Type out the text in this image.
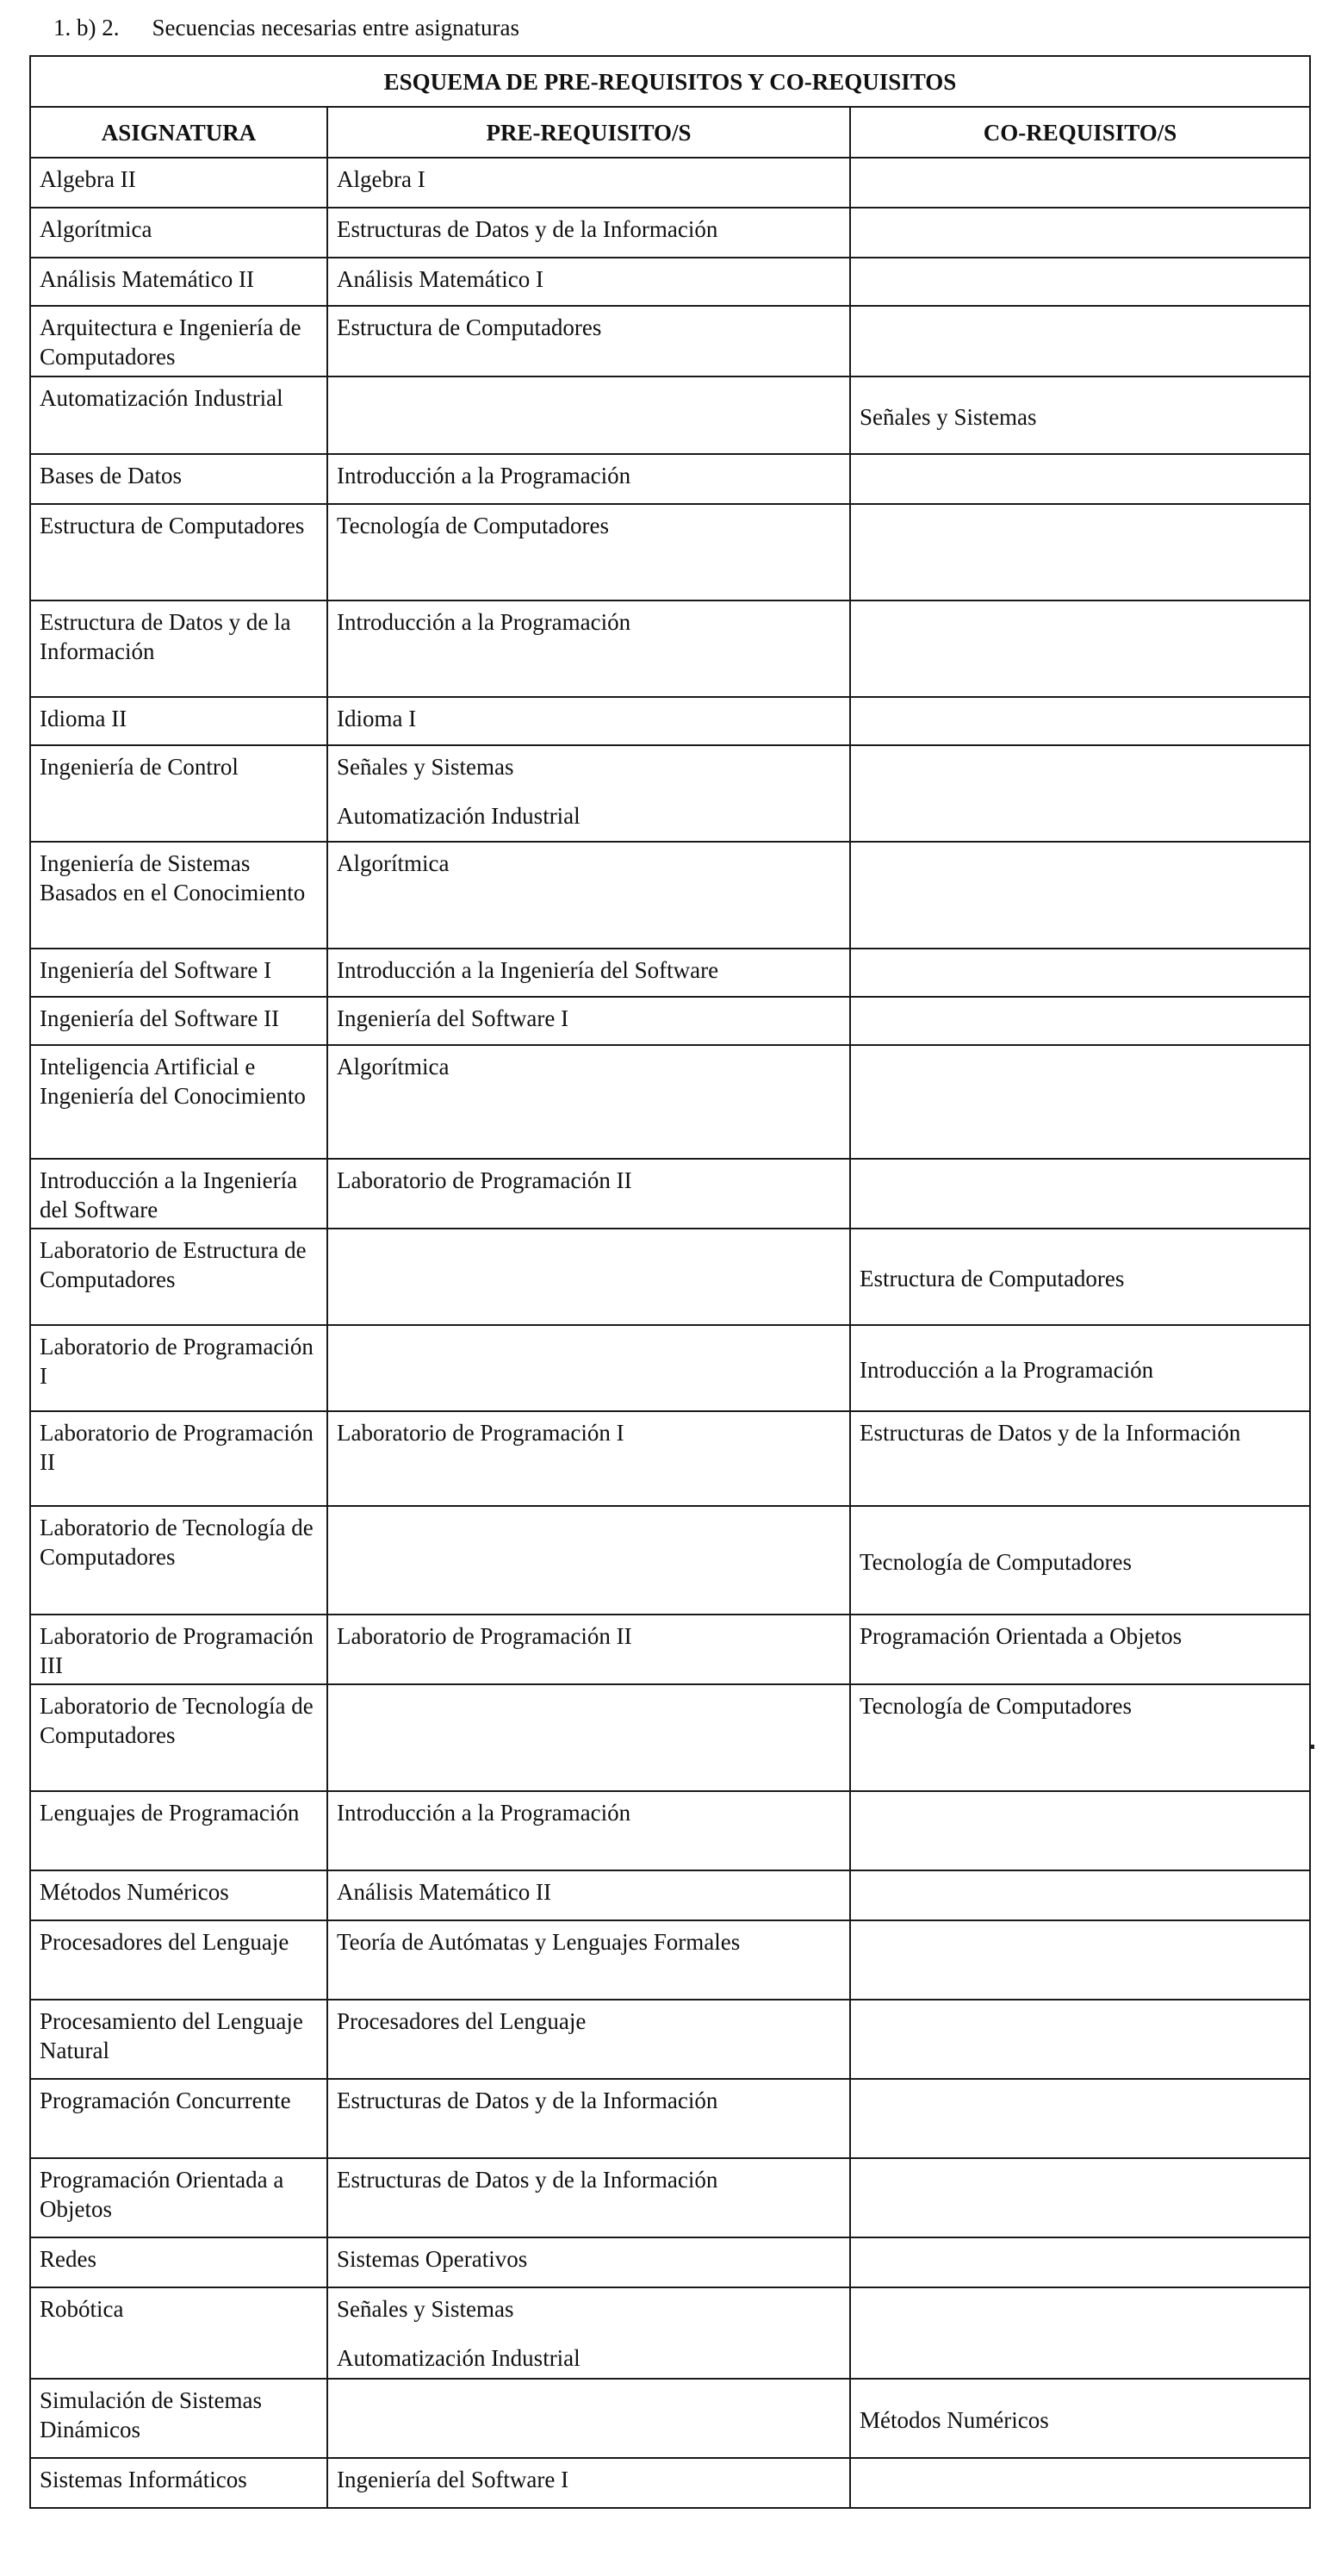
1. b) 2. Secuencias necesarias entre asignaturas
ESQUEMA DE PRE-REQUISITOS Y CO-REQUISITOS		
ASIGNATURA	PRE-REQUISITO/S	CO-REQUISITO/S
Algebra II	Algebra I	

Algorítmica	Estructuras de Datos y de la Información	

Análisis Matemático II	Análisis Matemático I	

Arquitectura e Ingeniería de Computadores	Estructura de Computadores	

Automatización Industrial		Señales y Sistemas
Bases de Datos	Introducción a la Programación	

Estructura de Computadores	Tecnología de Computadores	

Estructura de Datos y de la Información	Introducción a la Programación	

Idioma II	Idioma I	

Ingeniería de Control	Señales y Sistemas
Automatización Industrial	

Ingeniería de Sistemas Basados en el Conocimiento	Algorítmica	

Ingeniería del Software I	Introducción a la Ingeniería del Software	

Ingeniería del Software II	Ingeniería del Software I	

Inteligencia Artificial e Ingeniería del Conocimiento	Algorítmica	

Introducción a la Ingeniería del Software	Laboratorio de Programación II	

Laboratorio de Estructura de Computadores		Estructura de Computadores
Laboratorio de Programación I		Introducción a la Programación
Laboratorio de Programación II	Laboratorio de Programación I	Estructuras de Datos y de la Información
Laboratorio de Tecnología de Computadores		Tecnología de Computadores
Laboratorio de Programación III	Laboratorio de Programación II	Programación Orientada a Objetos
Laboratorio de Tecnología de Computadores		Tecnología de Computadores
Lenguajes de Programación	Introducción a la Programación	

Métodos Numéricos	Análisis Matemático II	

Procesadores del Lenguaje	Teoría de Autómatas y Lenguajes Formales	

Procesamiento del Lenguaje Natural	Procesadores del Lenguaje	

Programación Concurrente	Estructuras de Datos y de la Información	

Programación Orientada a Objetos	Estructuras de Datos y de la Información	

Redes	Sistemas Operativos	

Robótica	Señales y Sistemas
Automatización Industrial	

Simulación de Sistemas Dinámicos		Métodos Numéricos
Sistemas Informáticos	Ingeniería del Software I	
